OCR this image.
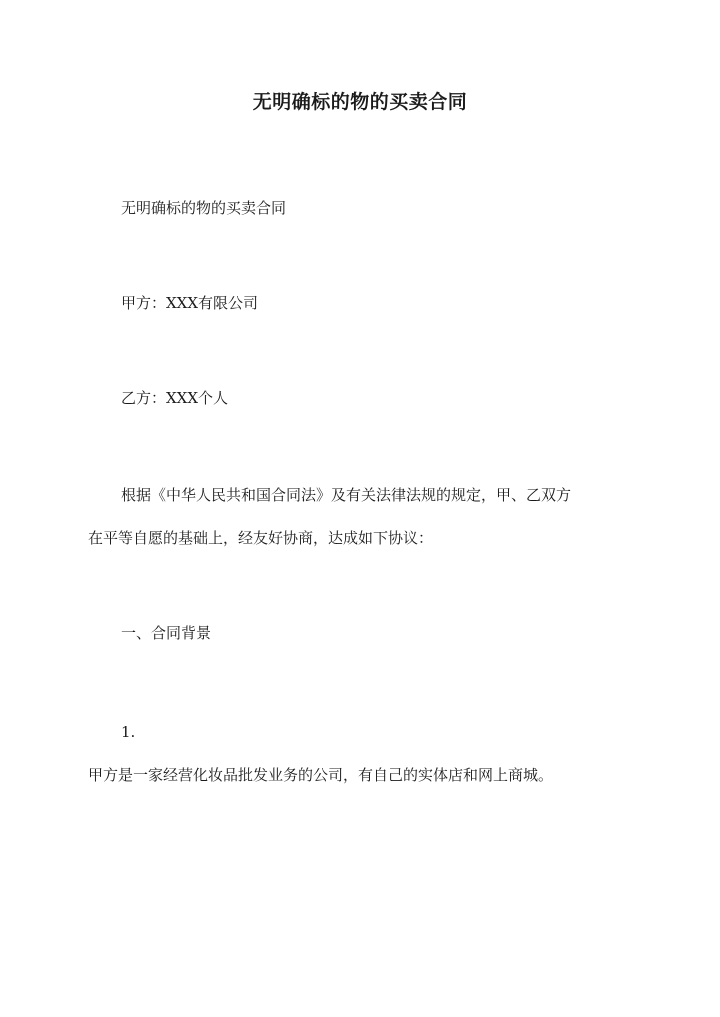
无明确标的物的买卖合同
无明确标的物的买卖合同
甲方：XXX有限公司
乙方：XXX个人
根据《中华人民共和国合同法》及有关法律法规的规定，甲、乙双方
在平等自愿的基础上，经友好协商，达成如下协议：
一、合同背景
1.
甲方是一家经营化妆品批发业务的公司，有自己的实体店和网上商城。
